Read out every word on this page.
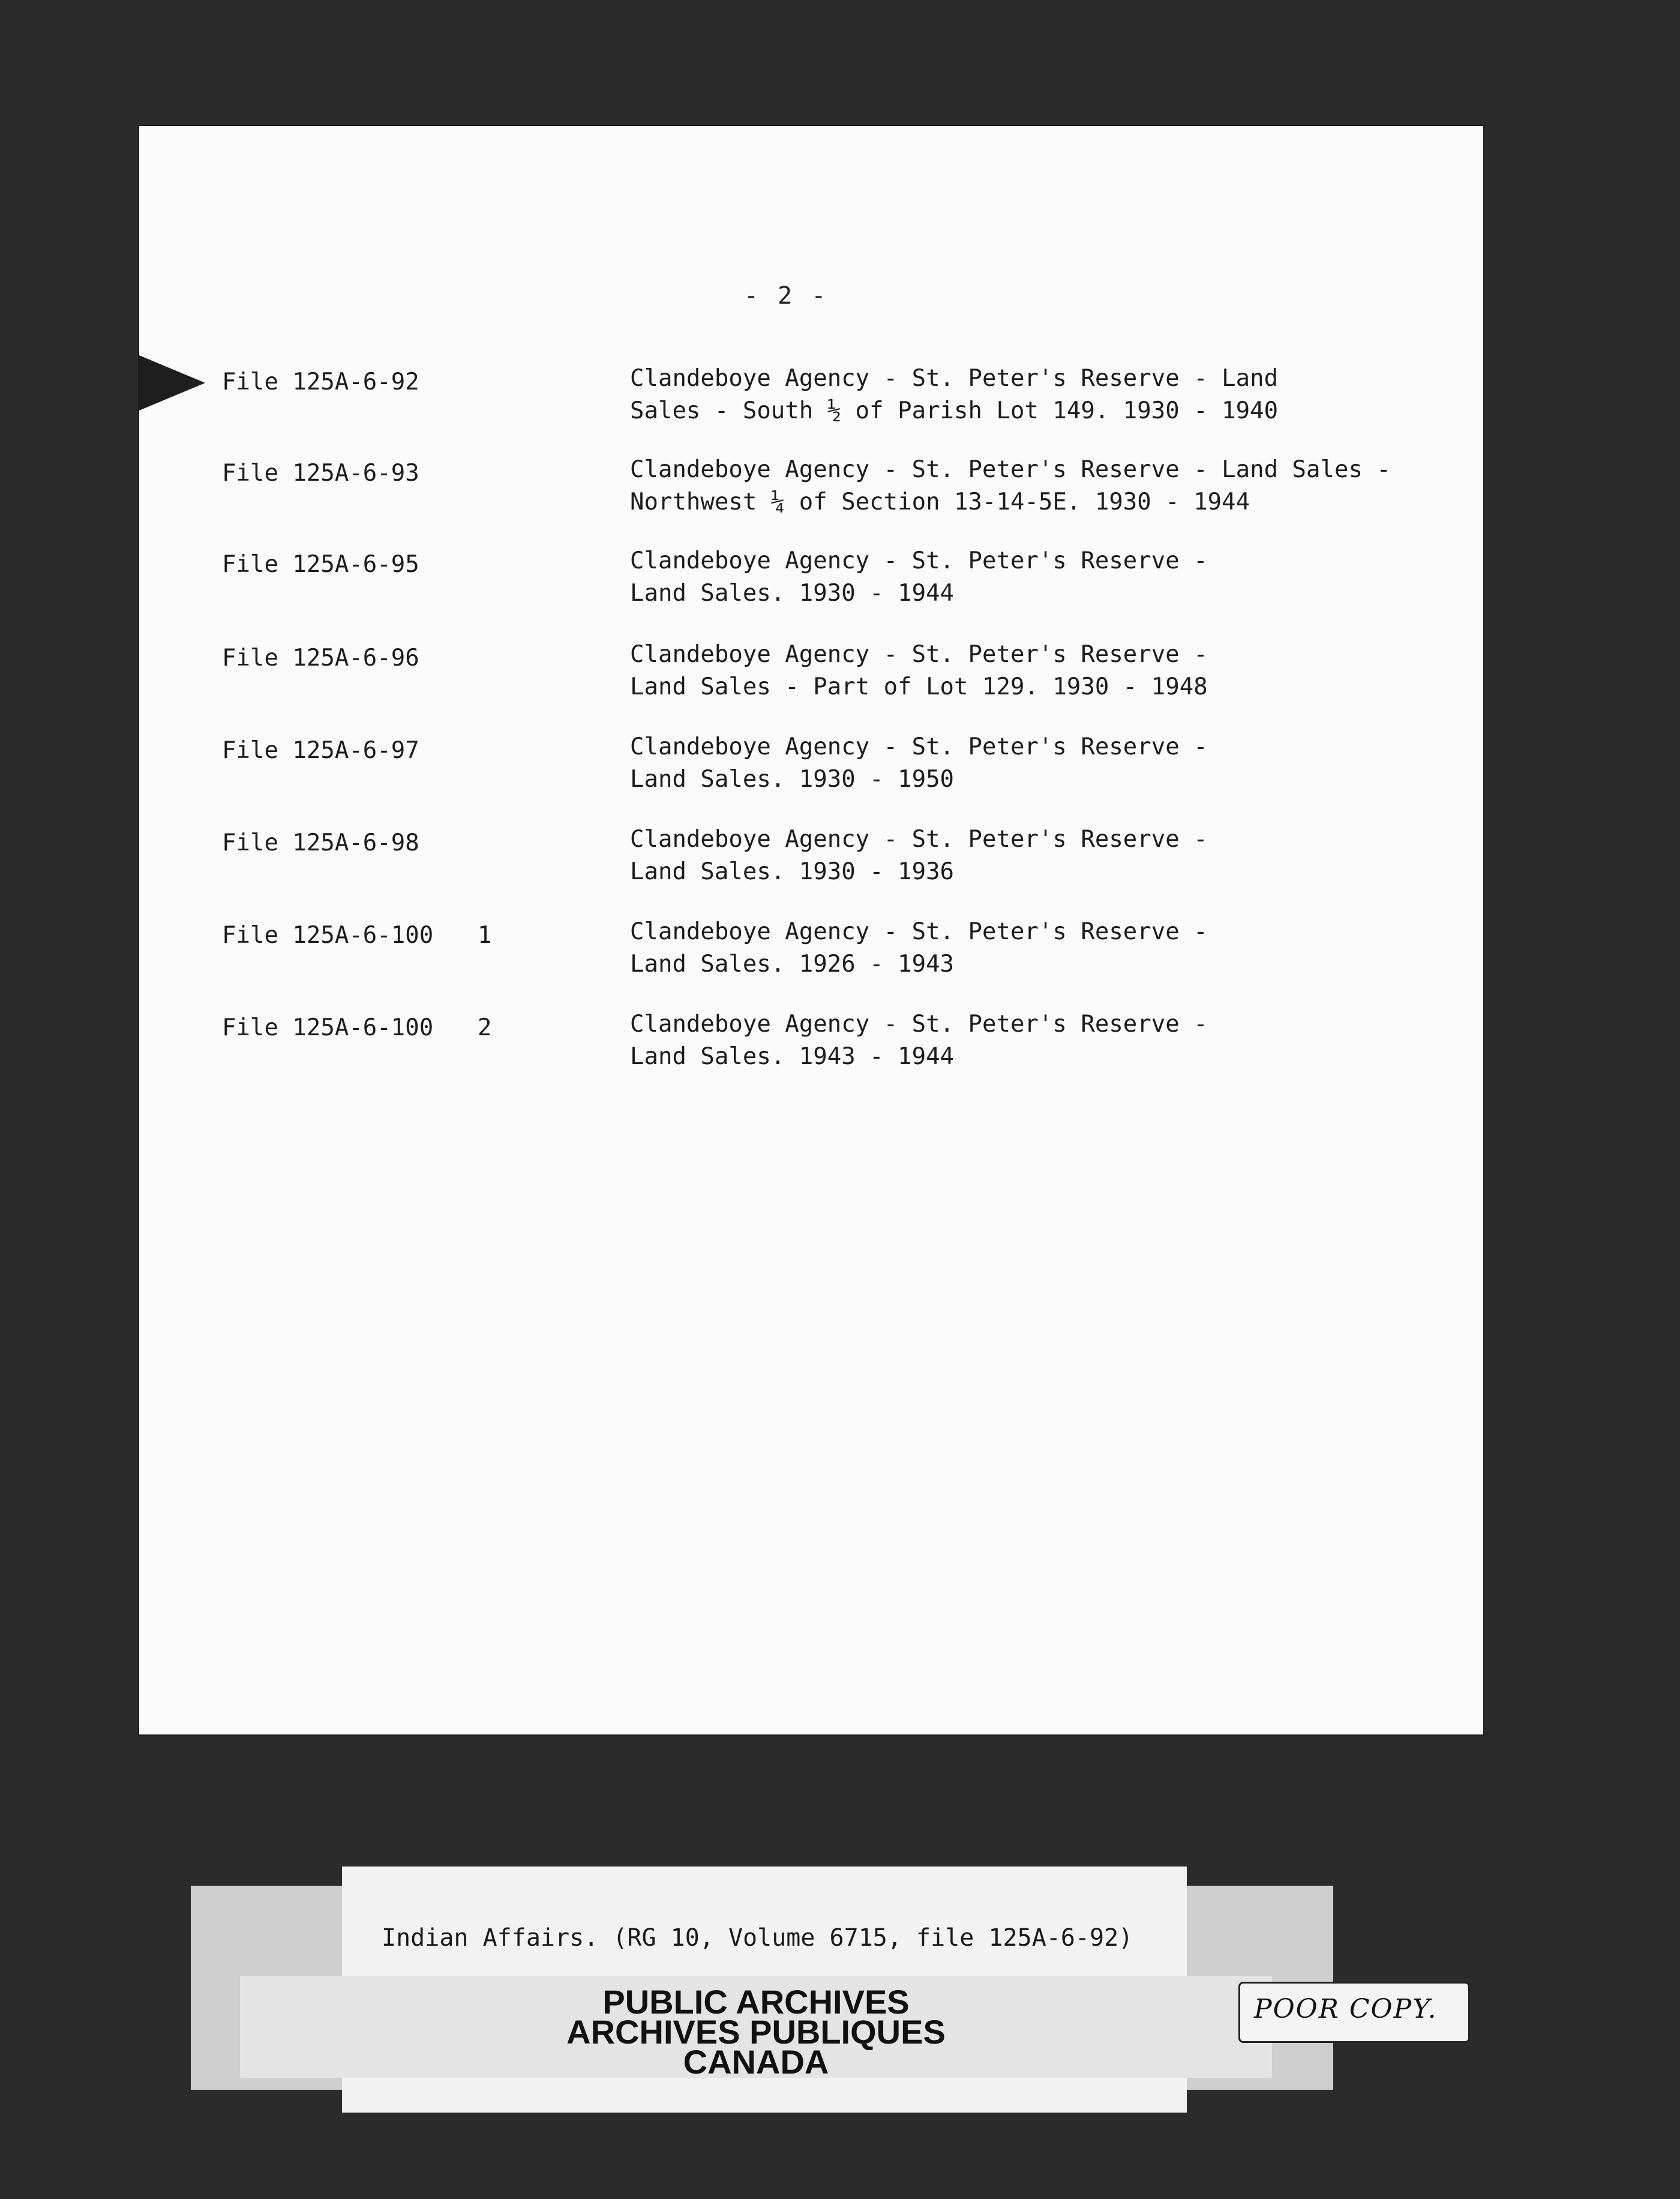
- 2 -
File 125A-6-92	Clandeboye Agency - St. Peter's Reserve - Land
Sales - South ½ of Parish Lot 149. 1930 - 1940
File 125A-6-93	Clandeboye Agency - St. Peter's Reserve - Land Sales -
Northwest ¼ of Section 13-14-5E. 1930 - 1944
File 125A-6-95	Clandeboye Agency - St. Peter's Reserve -
Land Sales. 1930 - 1944
File 125A-6-96	Clandeboye Agency - St. Peter's Reserve -
Land Sales - Part of Lot 129. 1930 - 1948
File 125A-6-97	Clandeboye Agency - St. Peter's Reserve -
Land Sales. 1930 - 1950
File 125A-6-98	Clandeboye Agency - St. Peter's Reserve -
Land Sales. 1930 - 1936
File 125A-6-100	1	Clandeboye Agency - St. Peter's Reserve -
Land Sales. 1926 - 1943
File 125A-6-100	2	Clandeboye Agency - St. Peter's Reserve -
Land Sales. 1943 - 1944
Indian Affairs. (RG 10, Volume 6715, file 125A-6-92)
PUBLIC ARCHIVES
ARCHIVES PUBLIQUES
CANADA
POOR COPY.
